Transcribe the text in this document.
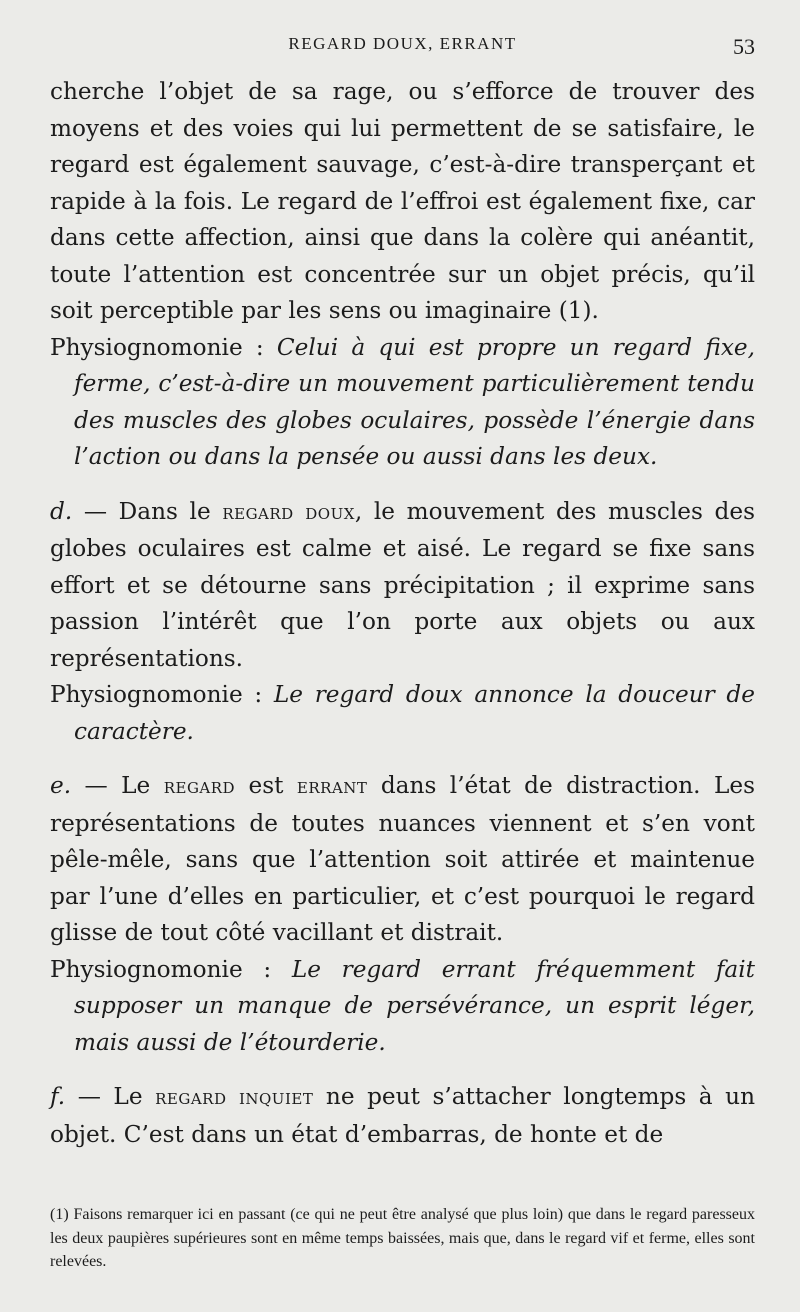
REGARD DOUX, ERRANT	53

cherche l’objet de sa rage, ou s’efforce de trouver des moyens et des voies qui lui permettent de se satisfaire, le regard est également sauvage, c’est-à-dire transperçant et rapide à la fois. Le regard de l’effroi est également fixe, car dans cette affection, ainsi que dans la colère qui anéantit, toute l’attention est concentrée sur un objet précis, qu’il soit perceptible par les sens ou imaginaire (1).

Physiognomonie : Celui à qui est propre un regard fixe, ferme, c’est-à-dire un mouvement particulièrement tendu des muscles des globes oculaires, possède l’énergie dans l’action ou dans la pensée ou aussi dans les deux.

d. — Dans le regard doux, le mouvement des muscles des globes oculaires est calme et aisé. Le regard se fixe sans effort et se détourne sans précipitation ; il exprime sans passion l’intérêt que l’on porte aux objets ou aux représentations.

Physiognomonie : Le regard doux annonce la douceur de caractère.

e. — Le regard est errant dans l’état de distraction. Les représentations de toutes nuances viennent et s’en vont pêle-mêle, sans que l’attention soit attirée et maintenue par l’une d’elles en particulier, et c’est pourquoi le regard glisse de tout côté vacillant et distrait.

Physiognomonie : Le regard errant fréquemment fait supposer un manque de persévérance, un esprit léger, mais aussi de l’étourderie.

f. — Le regard inquiet ne peut s’attacher longtemps à un objet. C’est dans un état d’embarras, de honte et de

(1) Faisons remarquer ici en passant (ce qui ne peut être analysé que plus loin) que dans le regard paresseux les deux paupières supérieures sont en même temps baissées, mais que, dans le regard vif et ferme, elles sont relevées.
